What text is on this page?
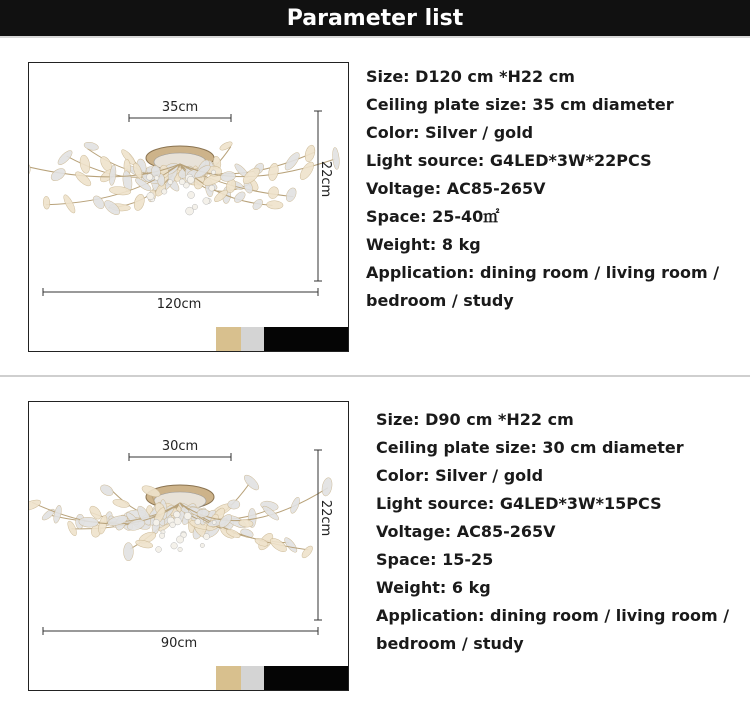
Parameter list
35cm
22cm
120cm
Size: D120 cm *H22 cm
Ceiling plate size: 35 cm diameter
Color: Silver / gold
Light source: G4LED*3W*22PCS
Voltage: AC85-265V
Space: 25-40㎡
Weight: 8 kg
Application: dining room / living room /
bedroom / study
30cm
22cm
90cm
Size: D90 cm *H22 cm
Ceiling plate size: 30 cm diameter
Color: Silver / gold
Light source: G4LED*3W*15PCS
Voltage: AC85-265V
Space: 15-25
Weight: 6 kg
Application: dining room / living room /
bedroom / study
